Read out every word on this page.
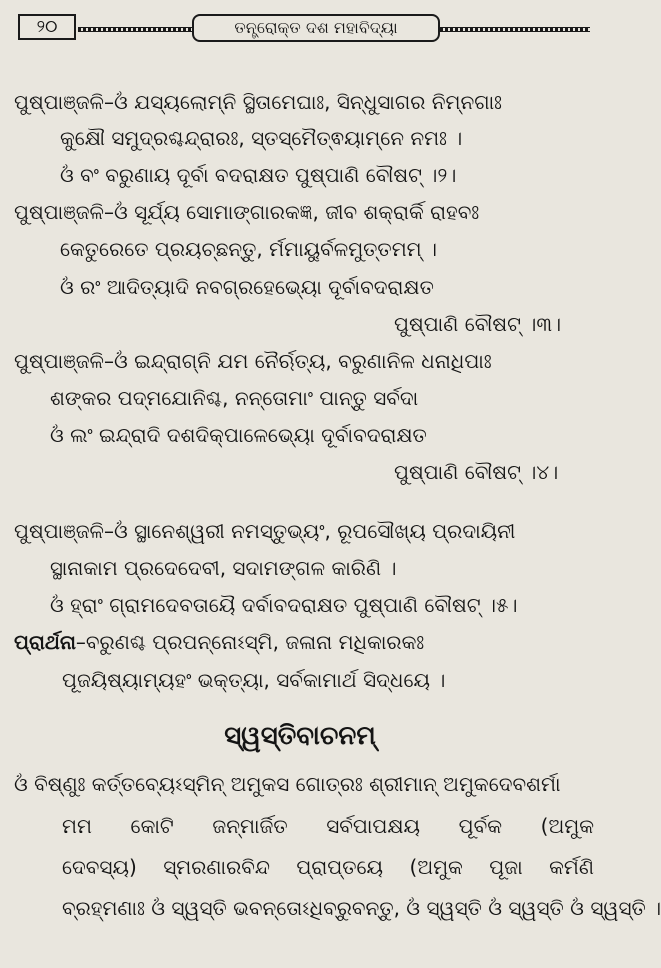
୨୦	ତନ୍ତ୍ରୋକ୍ତ ଦଶ ମହାବିଦ୍ୟା
ପୁଷ୍ପାଞ୍ଜଳି–ଓଁ ଯସ୍ୟଲୋମ୍ନି ସ୍ଥିତାମେଘାଃ, ସିନ୍ଧୁସାଗର ନିମ୍ନଗାଃ
କୁକ୍ଷୌ ସମୁଦ୍ରଶ୍ଚନ୍ଦ୍ରାରଃ, ସ୍ତସ୍ମୈତ୍ଵୟାମ୍ନେ ନମଃ ।
ଓଁ ବଂ ବରୁଣାୟ ଦୂର୍ବା ବଦରାକ୍ଷତ ପୁଷ୍ପାଣି ବୌଷଟ୍ ।୨।
ପୁଷ୍ପାଞ୍ଜଳି–ଓଁ ସୂର୍ଯ୍ୟ ସୋମାଙ୍ଗାରକଜ୍ଞ, ଜୀବ ଶକ୍ରାର୍କି ରାହବଃ
କେତୁରେତେ ପ୍ରୟଚ୍ଛନ୍ତୁ, ର୍ମମାୟୁର୍ବଳମୁତ୍ତମମ୍ ।
ଓଁ ରଂ ଆଦିତ୍ୟାଦି ନବଗ୍ରହେଭ୍ୟୋ ଦୂର୍ବାବଦରାକ୍ଷତ
ପୁଷ୍ପାଣି ବୌଷଟ୍ ।୩।
ପୁଷ୍ପାଞ୍ଜଳି–ଓଁ ଇନ୍ଦ୍ରାଗ୍ନି ଯମ ନୈର୍ଋତ୍ୟ, ବରୁଣାନିଳ ଧନାଧିପାଃ
ଶଙ୍କର ପଦ୍ମଯୋନିଶ୍ଚ, ନନ୍ତୋମାଂ ପାନ୍ତୁ ସର୍ବଦା
ଓଁ ଲଂ ଇନ୍ଦ୍ରାଦି ଦଶଦିକ୍ପାଳେଭ୍ୟୋ ଦୂର୍ବାବଦରାକ୍ଷତ
ପୁଷ୍ପାଣି ବୌଷଟ୍ ।୪।
ପୁଷ୍ପାଞ୍ଜଳି–ଓଁ ସ୍ଥାନେଶ୍ୱରୀ ନମସ୍ତୁଭ୍ୟଂ, ରୂପସୌଖ୍ୟ ପ୍ରଦାୟିନୀ
ସ୍ଥାନାକାମ ପ୍ରଦେଦେବୀ, ସଦାମଙ୍ଗଳ କାରିଣି ।
ଓଁ ହ୍ରାଂ ଗ୍ରାମଦେବତାୟୈ ଦର୍ବାବଦରାକ୍ଷତ ପୁଷ୍ପାଣି ବୌଷଟ୍ ।୫।
ପ୍ରାର୍ଥନା–ବରୁଣଶ୍ଚ ପ୍ରପନ୍ନୋଽସ୍ମି, ଜଳାନା ମଧିକାରକଃ
ପୂଜୟିଷ୍ୟାମ୍ୟହଂ ଭକ୍ତ୍ୟା, ସର୍ବକାମାର୍ଥ ସିଦ୍ଧୟେ ।
ସ୍ୱସ୍ତିବାଚନମ୍
ଓଁ ବିଷ୍ଣୁଃ କର୍ତ୍ତବ୍ୟେଽସ୍ମିନ୍ ଅମୁକସ ଗୋତ୍ରଃ ଶ୍ରୀମାନ୍ ଅମୁକଦେବଶର୍ମା
ମମ କୋଟି ଜନ୍ମାର୍ଜିତ ସର୍ବପାପକ୍ଷୟ ପୂର୍ବକ (ଅମୁକ
ଦେବସ୍ୟ) ସ୍ମରଣାରବିନ୍ଦ ପ୍ରାପ୍ତୟେ (ଅମୁକ ପୂଜା କର୍ମଣି
ବ୍ରହ୍ମଣାଃ ଓଁ ସ୍ୱସ୍ତି ଭବନ୍ତୋଽଧିବ୍ରୁବନ୍ତୁ, ଓଁ ସ୍ୱସ୍ତି ଓଁ ସ୍ୱସ୍ତି ଓଁ ସ୍ୱସ୍ତି ।
